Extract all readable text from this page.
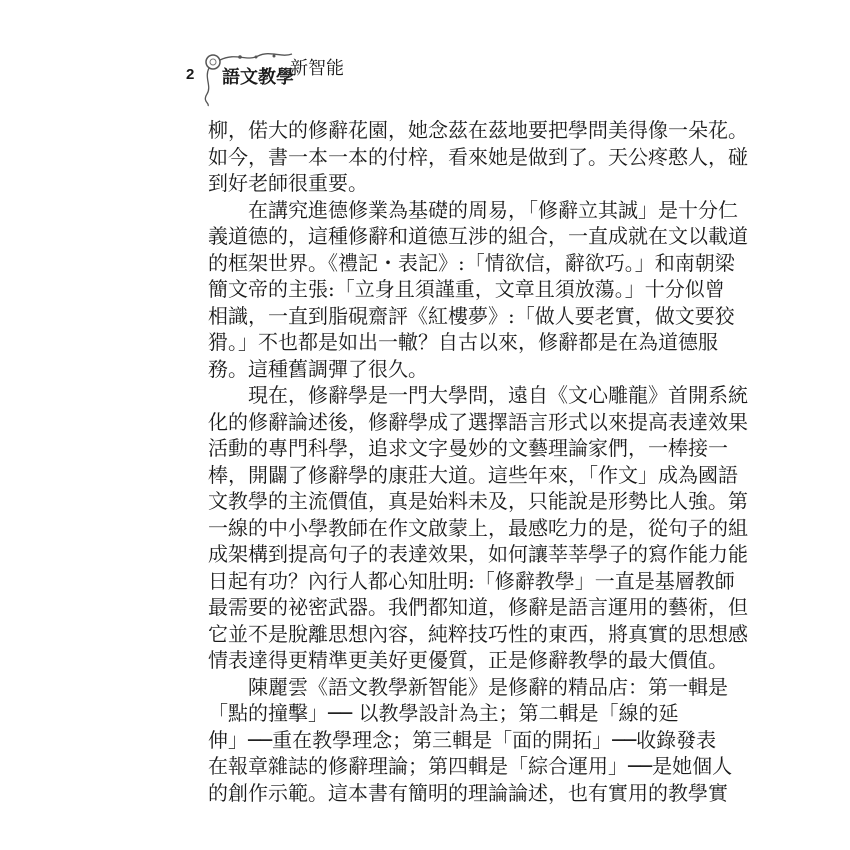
2 語文教學
新智能
柳，偌大的修辭花園，她念茲在茲地要把學問美得像一朵花。
如今，書一本一本的付梓，看來她是做到了。天公疼憨人，碰
到好老師很重要。
在講究進德修業為基礎的周易，「修辭立其誠」是十分仁
義道德的，這種修辭和道德互涉的組合，一直成就在文以載道
的框架世界。《禮記・表記》:「情欲信，辭欲巧。」和南朝梁
簡文帝的主張:「立身且須謹重，文章且須放蕩。」十分似曾
相識，一直到脂硯齋評《紅樓夢》:「做人要老實，做文要狡
猾。」不也都是如出一轍？自古以來，修辭都是在為道德服
務。這種舊調彈了很久。
現在，修辭學是一門大學問，遠自《文心雕龍》首開系統
化的修辭論述後，修辭學成了選擇語言形式以來提高表達效果
活動的專門科學，追求文字曼妙的文藝理論家們，一棒接一
棒，開闢了修辭學的康莊大道。這些年來，「作文」成為國語
文教學的主流價值，真是始料未及，只能說是形勢比人強。第
一線的中小學教師在作文啟蒙上，最感吃力的是，從句子的組
成架構到提高句子的表達效果，如何讓莘莘學子的寫作能力能
日起有功？內行人都心知肚明:「修辭教學」一直是基層教師
最需要的祕密武器。我們都知道，修辭是語言運用的藝術，但
它並不是脫離思想內容，純粹技巧性的東西，將真實的思想感
情表達得更精準更美好更優質，正是修辭教學的最大價值。
陳麗雲《語文教學新智能》是修辭的精品店：第一輯是
「點的撞擊」── 以教學設計為主；第二輯是「線的延
伸」──重在教學理念；第三輯是「面的開拓」──收錄發表
在報章雜誌的修辭理論；第四輯是「綜合運用」──是她個人
的創作示範。這本書有簡明的理論論述，也有實用的教學實
